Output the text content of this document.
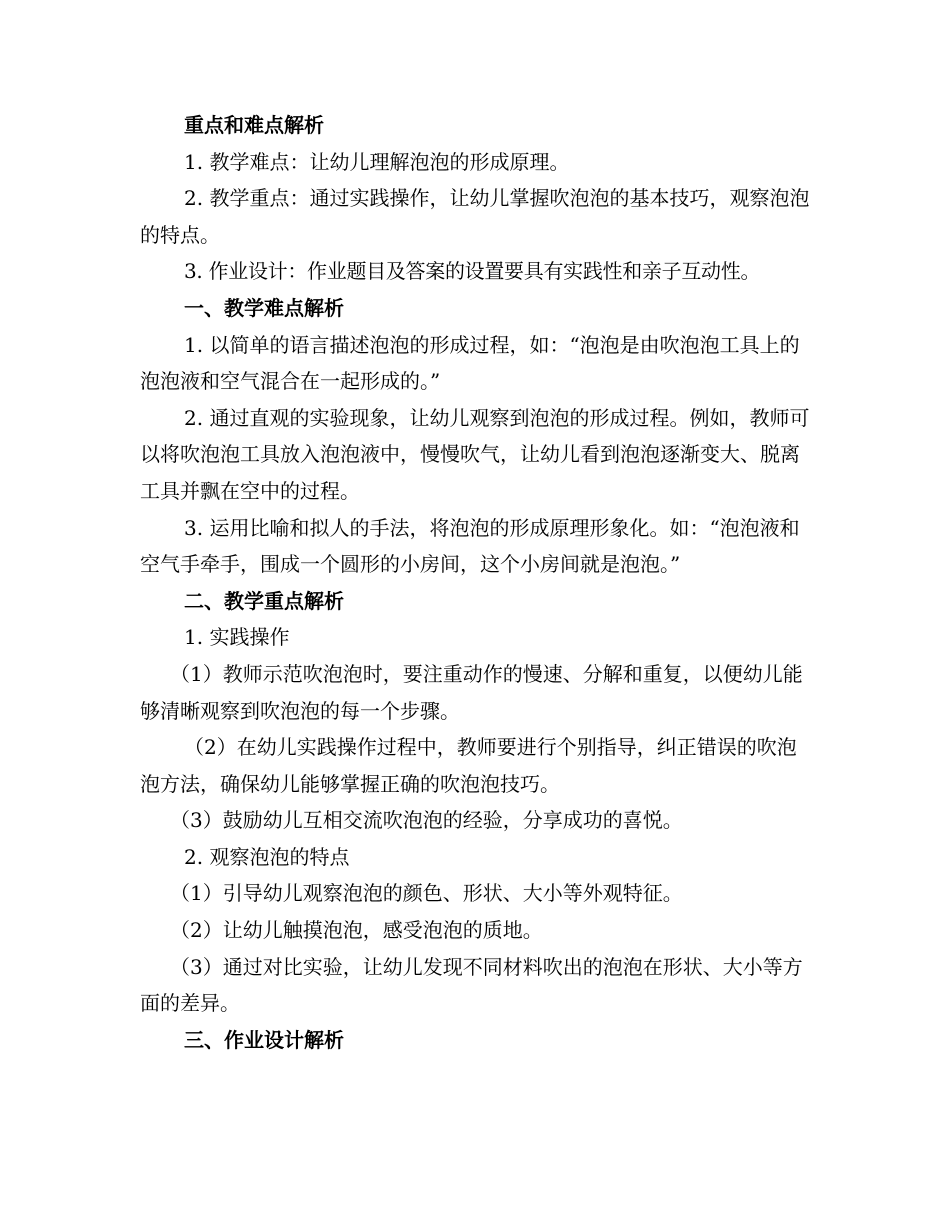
重点和难点解析

1. 教学难点：让幼儿理解泡泡的形成原理。

2. 教学重点：通过实践操作，让幼儿掌握吹泡泡的基本技巧，观察泡泡的特点。

3. 作业设计：作业题目及答案的设置要具有实践性和亲子互动性。

一、教学难点解析

1. 以简单的语言描述泡泡的形成过程，如：“泡泡是由吹泡泡工具上的泡泡液和空气混合在一起形成的。”

2. 通过直观的实验现象，让幼儿观察到泡泡的形成过程。例如，教师可以将吹泡泡工具放入泡泡液中，慢慢吹气，让幼儿看到泡泡逐渐变大、脱离工具并飘在空中的过程。

3. 运用比喻和拟人的手法，将泡泡的形成原理形象化。如：“泡泡液和空气手牵手，围成一个圆形的小房间，这个小房间就是泡泡。”

二、教学重点解析

1. 实践操作

（1）教师示范吹泡泡时，要注重动作的慢速、分解和重复，以便幼儿能够清晰观察到吹泡泡的每一个步骤。

（2）在幼儿实践操作过程中，教师要进行个别指导，纠正错误的吹泡泡方法，确保幼儿能够掌握正确的吹泡泡技巧。

（3）鼓励幼儿互相交流吹泡泡的经验，分享成功的喜悦。

2. 观察泡泡的特点

（1）引导幼儿观察泡泡的颜色、形状、大小等外观特征。

（2）让幼儿触摸泡泡，感受泡泡的质地。

（3）通过对比实验，让幼儿发现不同材料吹出的泡泡在形状、大小等方面的差异。

三、作业设计解析
